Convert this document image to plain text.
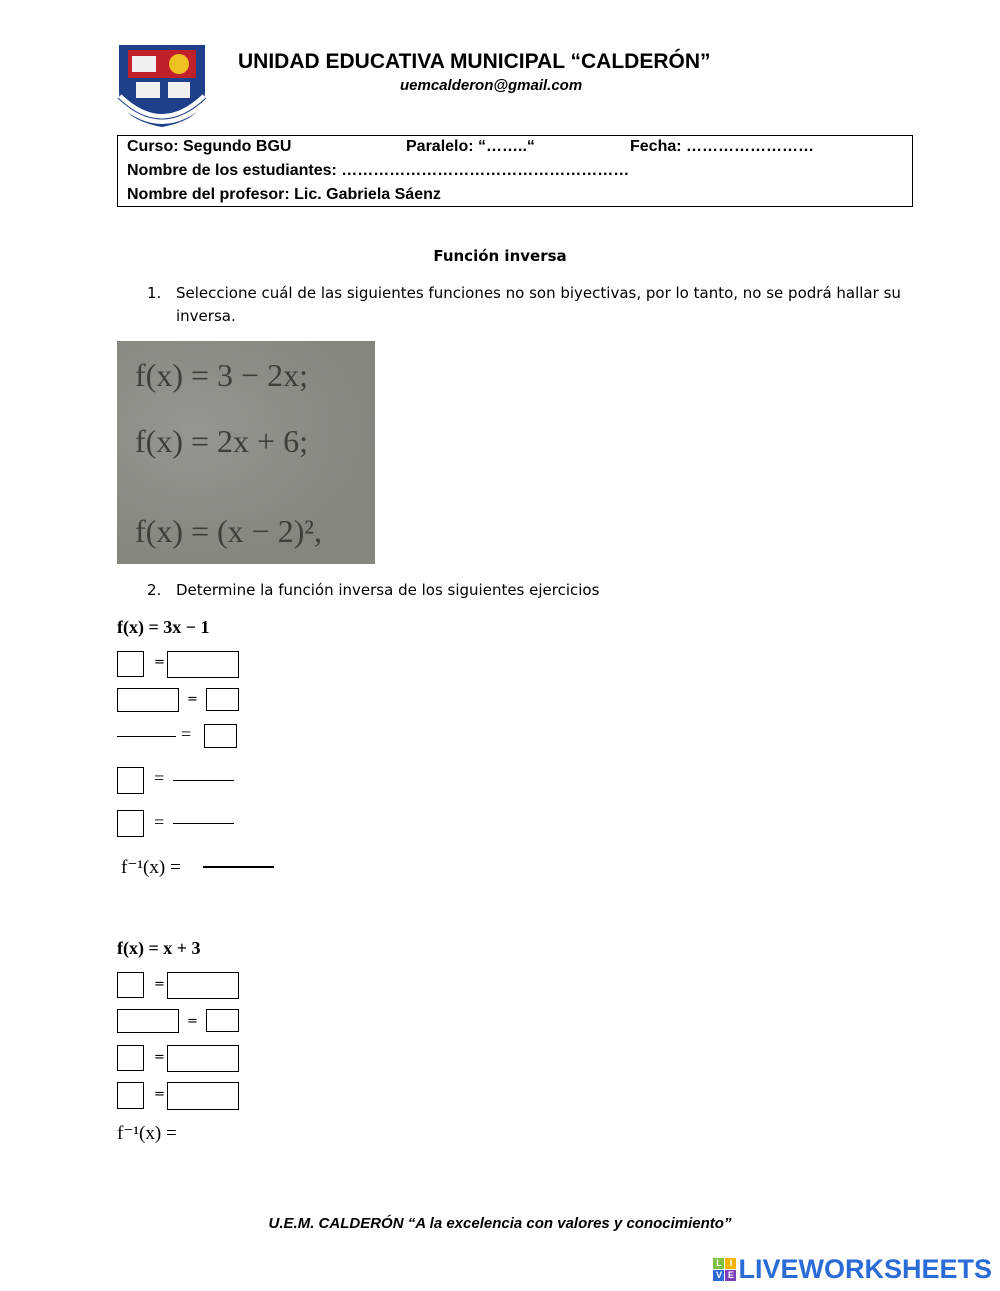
UNIDAD EDUCATIVA MUNICIPAL “CALDERÓN”
uemcalderon@gmail.com
Curso: Segundo BGU	Paralelo: “……..“	Fecha: ……………………
Nombre de los estudiantes: ………………………………………………
Nombre del profesor: Lic. Gabriela Sáenz
Función inversa
1. Seleccione cuál de las siguientes funciones no son biyectivas, por lo tanto, no se podrá hallar su
inversa.
f(x) = 3 − 2x;
f(x) = 2x + 6;
f(x) = (x − 2)²,
2. Determine la función inversa de los siguientes ejercicios
f(x) = 3x − 1
=
=
=
=
=
f⁻¹(x) =
f(x) = x + 3
=
=
=
=
f⁻¹(x) =
U.E.M. CALDERÓN “A la excelencia con valores y conocimiento”
L I
V E LIVEWORKSHEETS
